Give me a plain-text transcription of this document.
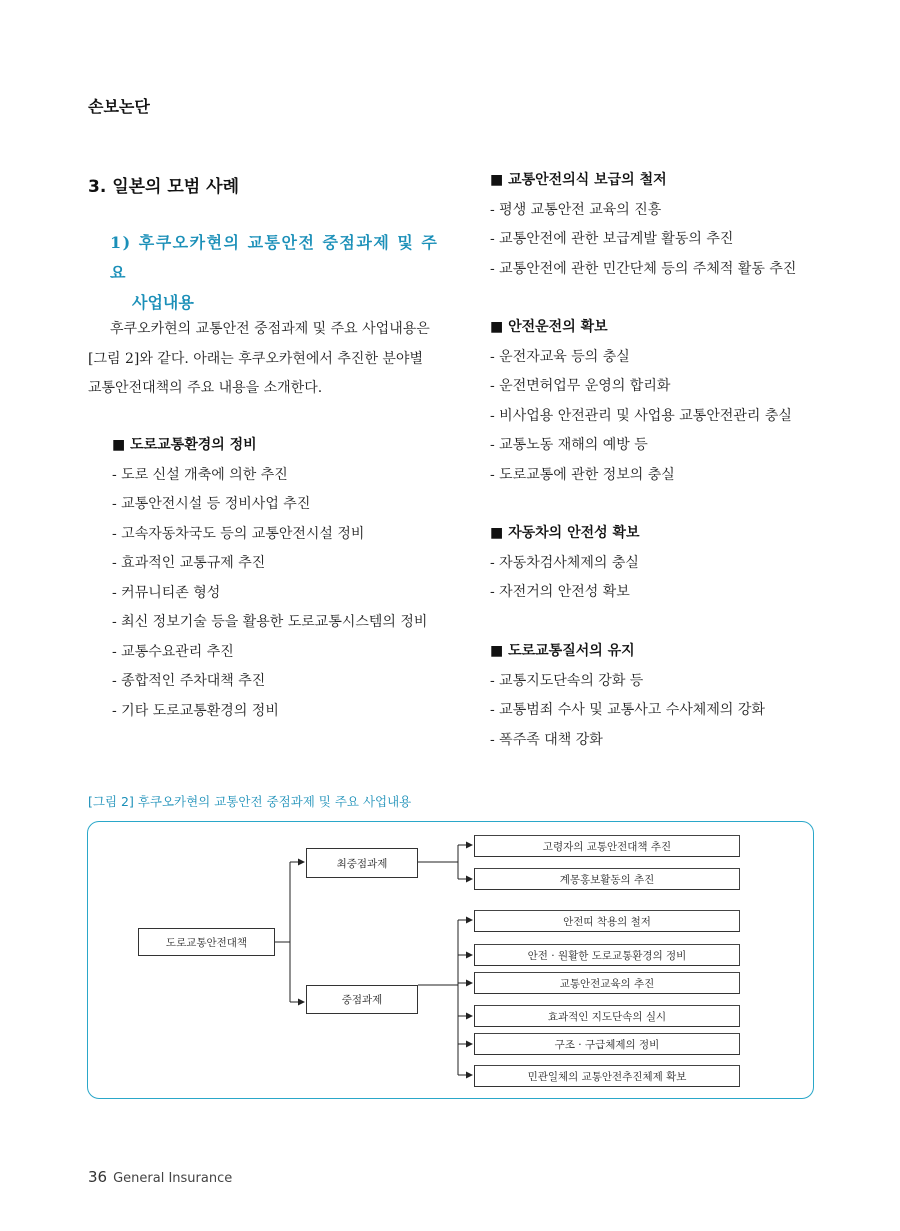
손보논단
3. 일본의 모범 사례
1) 후쿠오카현의 교통안전 중점과제 및 주요
사업내용
후쿠오카현의 교통안전 중점과제 및 주요 사업내용은
[그림 2]와 같다. 아래는 후쿠오카현에서 추진한 분야별
교통안전대책의 주요 내용을 소개한다.
■ 도로교통환경의 정비
- 도로 신설 개축에 의한 추진
- 교통안전시설 등 정비사업 추진
- 고속자동차국도 등의 교통안전시설 정비
- 효과적인 교통규제 추진
- 커뮤니티존 형성
- 최신 정보기술 등을 활용한 도로교통시스템의 정비
- 교통수요관리 추진
- 종합적인 주차대책 추진
- 기타 도로교통환경의 정비
■ 교통안전의식 보급의 철저
- 평생 교통안전 교육의 진흥
- 교통안전에 관한 보급계발 활동의 추진
- 교통안전에 관한 민간단체 등의 주체적 활동 추진
■ 안전운전의 확보
- 운전자교육 등의 충실
- 운전면허업무 운영의 합리화
- 비사업용 안전관리 및 사업용 교통안전관리 충실
- 교통노동 재해의 예방 등
- 도로교통에 관한 정보의 충실
■ 자동차의 안전성 확보
- 자동차검사체제의 충실
- 자전거의 안전성 확보
■ 도로교통질서의 유지
- 교통지도단속의 강화 등
- 교통범죄 수사 및 교통사고 수사체제의 강화
- 폭주족 대책 강화
[그림 2] 후쿠오카현의 교통안전 중점과제 및 주요 사업내용
도로교통안전대책
최중점과제
중점과제
고령자의 교통안전대책 추진
계몽홍보활동의 추진
안전띠 착용의 철저
안전 · 원활한 도로교통환경의 정비
교통안전교육의 추진
효과적인 지도단속의 실시
구조 · 구급체제의 정비
민관일체의 교통안전추진체제 확보
36 General Insurance
